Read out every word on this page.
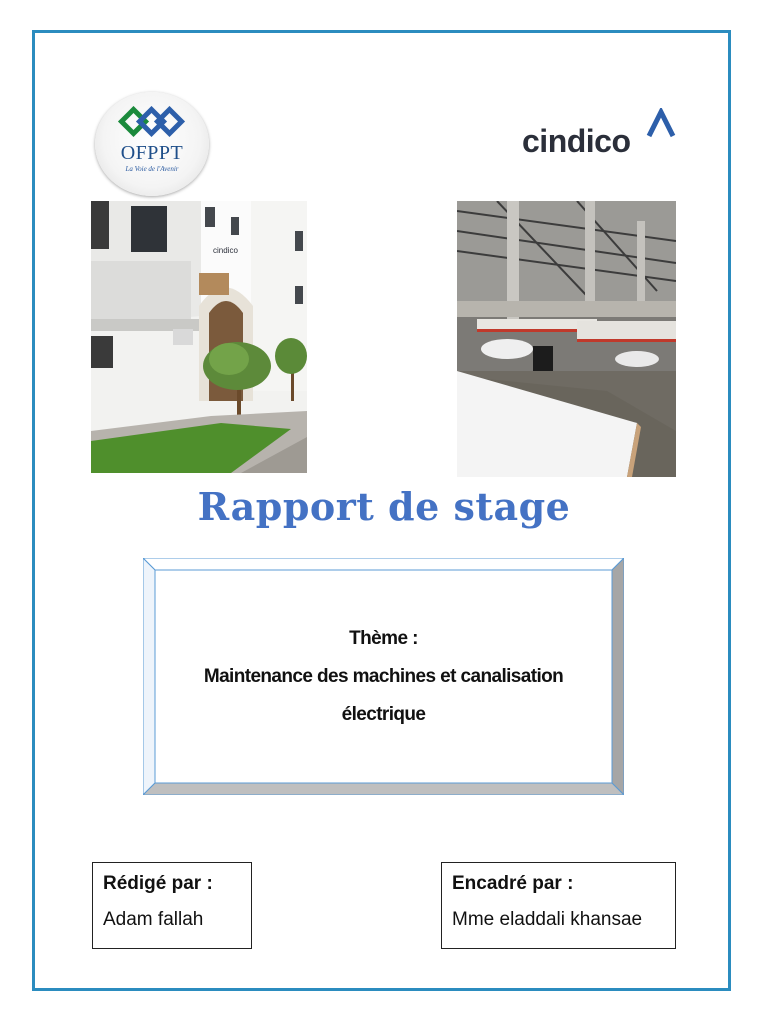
OFPPT
La Voie de l'Avenir
cindico
cindico
Rapport de stage
Thème :
Maintenance des machines et canalisation
électrique
Rédigé par :
Adam fallah
Encadré par :
Mme eladdali khansae
